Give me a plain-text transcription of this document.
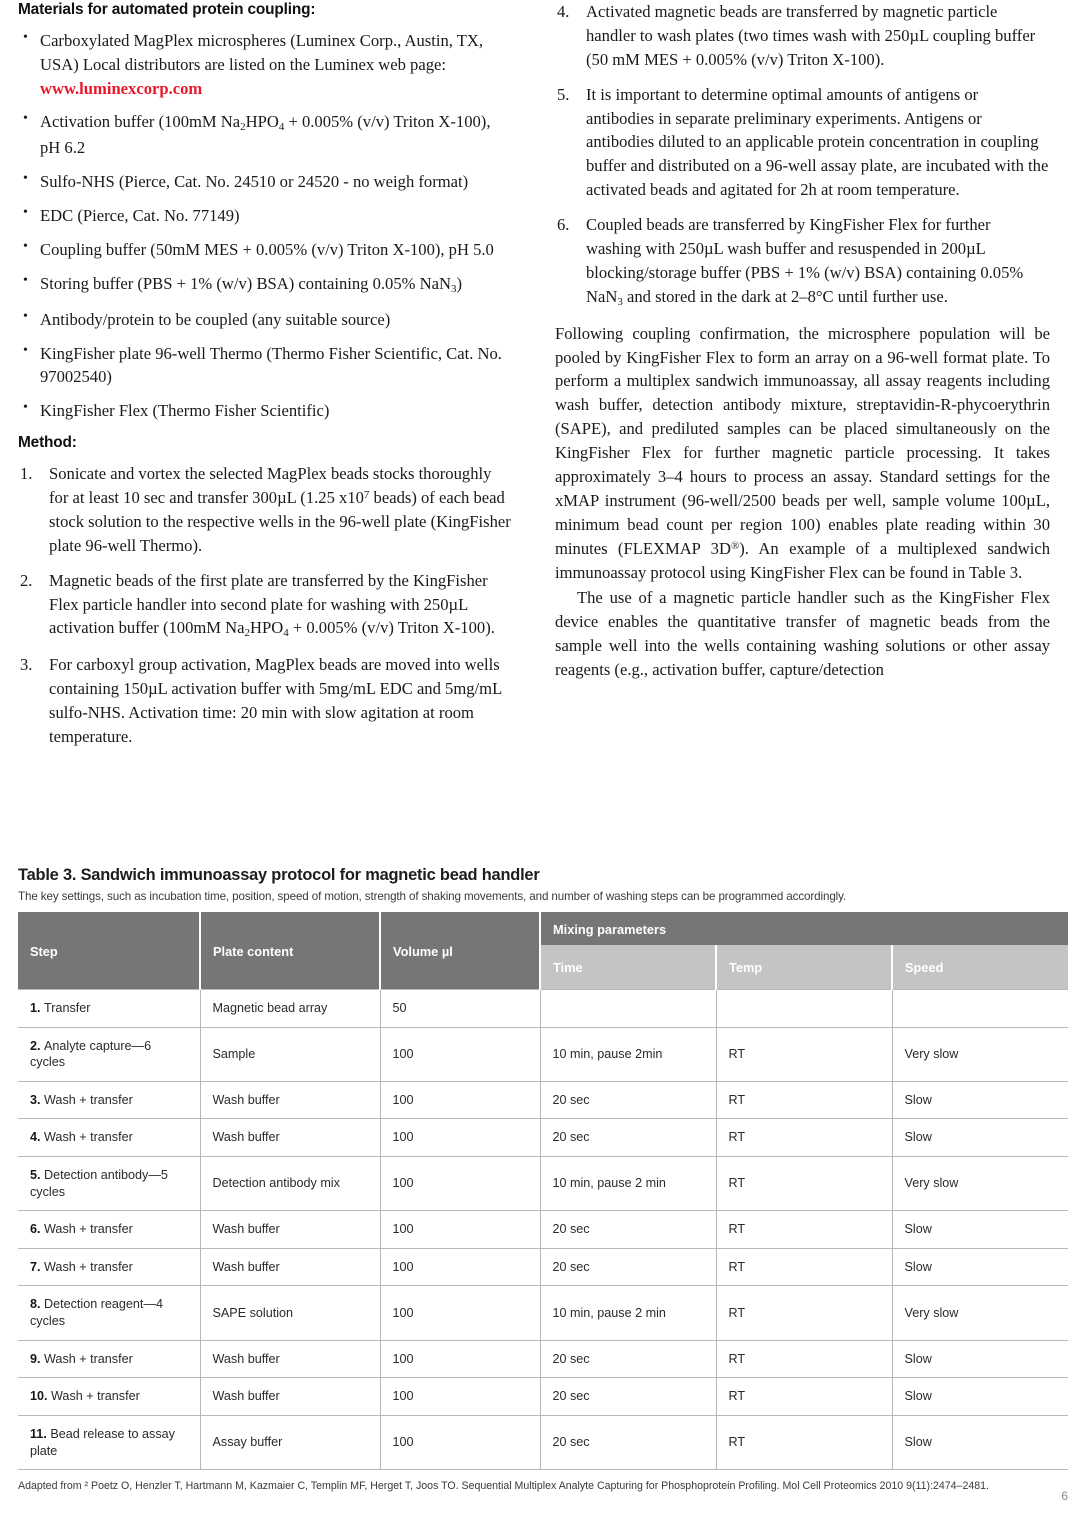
Materials for automated protein coupling:
• Carboxylated MagPlex microspheres (Luminex Corp., Austin, TX, USA) Local distributors are listed on the Luminex web page: www.luminexcorp.com
• Activation buffer (100mM $Na_2HPO_4 + 0.005\%$ (v/v) Triton X-100), pH 6.2
• Sulfo-NHS (Pierce, Cat. No. 24510 or 24520 - no weigh format)
• EDC (Pierce, Cat. No. 77149)
• Coupling buffer (50mM MES + 0.005% (v/v) Triton X-100), pH 5.0
• Storing buffer (PBS + 1% (w/v) BSA) containing 0.05% NaN$_3$)
• Antibody/protein to be coupled (any suitable source)
• KingFisher plate 96-well Thermo (Thermo Fisher Scientific, Cat. No. 97002540)
• KingFisher Flex (Thermo Fisher Scientific)
Method:
Sonicate and vortex the selected MagPlex beads stocks thoroughly for at least 10 sec and transfer 300µL (1.25 $x10^7$ beads) of each bead stock solution to the respective wells in the 96-well plate (KingFisher plate 96-well Thermo).
Magnetic beads of the first plate are transferred by the KingFisher Flex particle handler into second plate for washing with 250µL activation buffer (100mM $Na_2HPO_4 + 0.005\%$ (v/v) Triton X-100).
For carboxyl group activation, MagPlex beads are moved into wells containing 150µL activation buffer with 5mg/mL EDC and 5mg/mL sulfo-NHS. Activation time: 20 min with slow agitation at room temperature.
Activated magnetic beads are transferred by magnetic particle handler to wash plates (two times wash with 250µL coupling buffer (50 mM MES + 0.005% (v/v) Triton X-100).
It is important to determine optimal amounts of antigens or antibodies in separate preliminary experiments. Antigens or antibodies diluted to an applicable protein concentration in coupling buffer and distributed on a 96-well assay plate, are incubated with the activated beads and agitated for 2h at room temperature.
Coupled beads are transferred by KingFisher Flex for further washing with 250µL wash buffer and resuspended in 200µL blocking/storage buffer (PBS + 1% (w/v) BSA) containing 0.05% NaN$_3$ and stored in the dark at 2–8°C until further use.

Following coupling confirmation, the microsphere population will be pooled by KingFisher Flex to form an array on a 96-well format plate. To perform a multiplex sandwich immunoassay, all assay reagents including wash buffer, detection antibody mixture, streptavidin-R-phycoerythrin (SAPE), and prediluted samples can be placed simultaneously on the KingFisher Flex for further magnetic particle processing. It takes approximately 3–4 hours to process an assay. Standard settings for the xMAP instrument (96-well/2500 beads per well, sample volume 100µL, minimum bead count per region 100) enables plate reading within 30 minutes (FLEXMAP 3D®). An example of a multiplexed sandwich immunoassay protocol using KingFisher Flex can be found in Table 3.

The use of a magnetic particle handler such as the KingFisher Flex device enables the quantitative transfer of magnetic beads from the sample well into the wells containing washing solutions or other assay reagents (e.g., activation buffer, capture/detection

Table 3. Sandwich immunoassay protocol for magnetic bead handler
The key settings, such as incubation time, position, speed of motion, strength of shaking movements, and number of washing steps can be programmed accordingly.
Step	Plate content	Volume µl	Mixing parameters		
			Time	Temp	Speed
1. Transfer	Magnetic bead array	50			
2. Analyte capture—6 cycles	Sample	100	10 min, pause 2min	RT	Very slow
3. Wash + transfer	Wash buffer	100	20 sec	RT	Slow
4. Wash + transfer	Wash buffer	100	20 sec	RT	Slow
5. Detection antibody—5 cycles	Detection antibody mix	100	10 min, pause 2 min	RT	Very slow
6. Wash + transfer	Wash buffer	100	20 sec	RT	Slow
7. Wash + transfer	Wash buffer	100	20 sec	RT	Slow
8. Detection reagent—4 cycles	SAPE solution	100	10 min, pause 2 min	RT	Very slow
9. Wash + transfer	Wash buffer	100	20 sec	RT	Slow
10. Wash + transfer	Wash buffer	100	20 sec	RT	Slow
11. Bead release to assay plate	Assay buffer	100	20 sec	RT	Slow
Adapted from ² Poetz O, Henzler T, Hartmann M, Kazmaier C, Templin MF, Herget T, Joos TO. Sequential Multiplex Analyte Capturing for Phosphoprotein Profiling. Mol Cell Proteomics 2010 9(11):2474–2481.
6
